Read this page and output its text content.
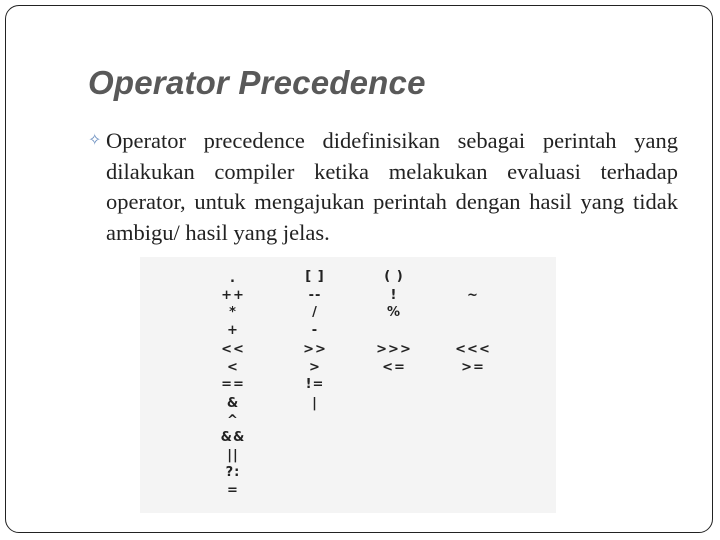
Operator Precedence
✧ Operator precedence didefinisikan sebagai perintah yang dilakukan compiler ketika melakukan evaluasi terhadap operator, untuk mengajukan perintah dengan hasil yang tidak ambigu/ hasil yang jelas.
.
++
*
+
<<
<
==
&
^
&&
||
?:
=
[ ]
--
/
-
>>
>
!=
|
( )
!
%
>>>
<=
~
<<<
>=
